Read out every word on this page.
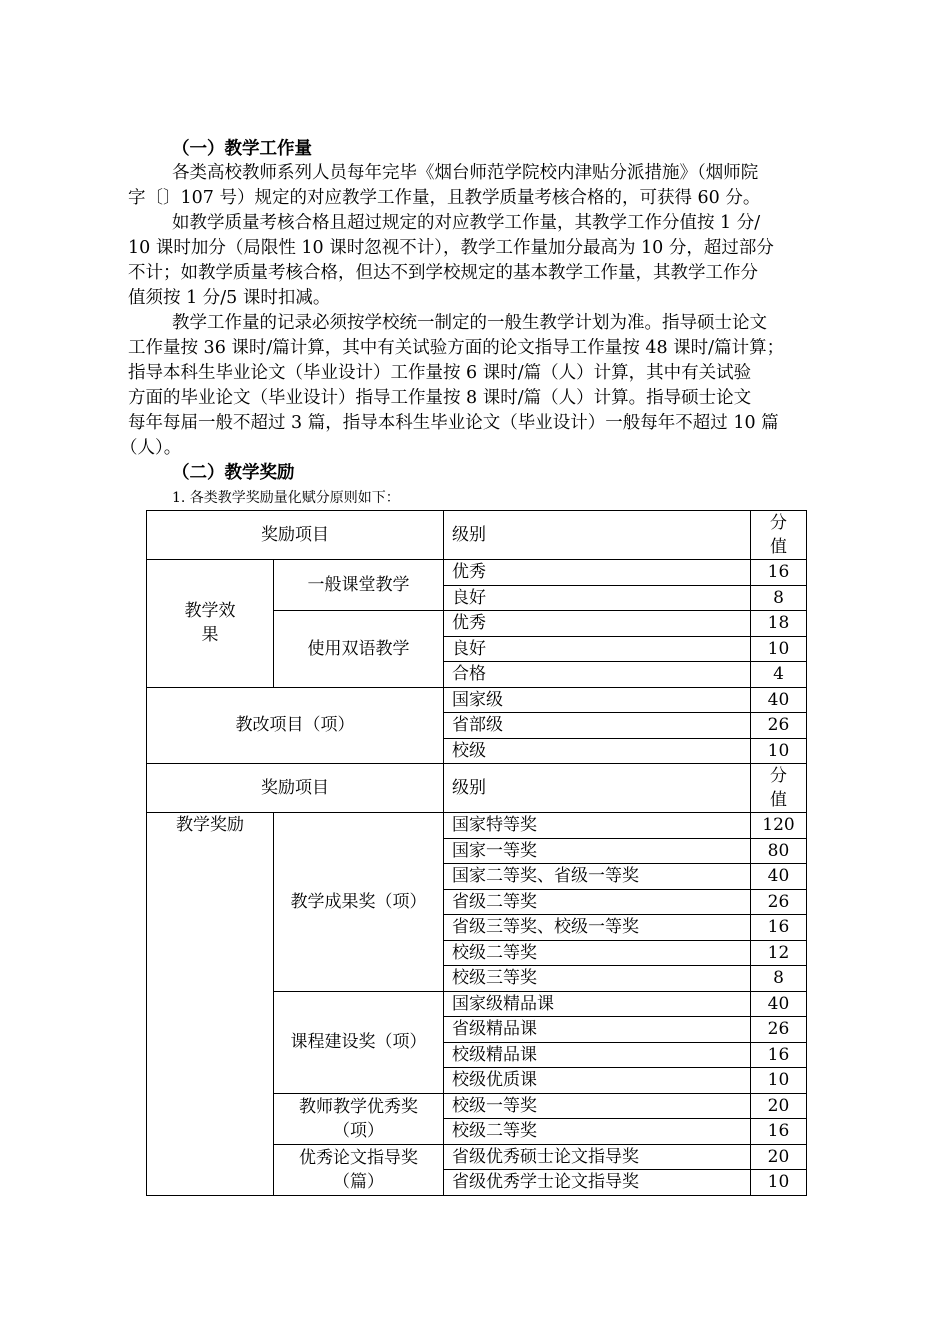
（一）教学工作量
各类高校教师系列人员每年完毕《烟台师范学院校内津贴分派措施》（烟师院
字〔〕107 号）规定的对应教学工作量，且教学质量考核合格的，可获得 60 分。
如教学质量考核合格且超过规定的对应教学工作量，其教学工作分值按 1 分/
10 课时加分（局限性 10 课时忽视不计），教学工作量加分最高为 10 分，超过部分
不计；如教学质量考核合格，但达不到学校规定的基本教学工作量，其教学工作分
值须按 1 分/5 课时扣减。
教学工作量的记录必须按学校统一制定的一般生教学计划为准。指导硕士论文
工作量按 36 课时/篇计算，其中有关试验方面的论文指导工作量按 48 课时/篇计算；
指导本科生毕业论文（毕业设计）工作量按 6 课时/篇（人）计算，其中有关试验
方面的毕业论文（毕业设计）指导工作量按 8 课时/篇（人）计算。指导硕士论文
每年每届一般不超过 3 篇，指导本科生毕业论文（毕业设计）一般每年不超过 10 篇
（人）。
（二）教学奖励
1. 各类教学奖励量化赋分原则如下：
奖励项目		级别	分值
教学效果	一般课堂教学	优秀	16
		良好	8
	使用双语教学	优秀	18
		良好	10
		合格	4
教改项目（项）		国家级	40
		省部级	26
		校级	10
奖励项目		级别	分值
教学奖励	教学成果奖（项）	国家特等奖	120
		国家一等奖	80
		国家二等奖、省级一等奖	40
		省级二等奖	26
		省级三等奖、校级一等奖	16
		校级二等奖	12
		校级三等奖	8
	课程建设奖（项）	国家级精品课	40
		省级精品课	26
		校级精品课	16
		校级优质课	10
	教师教学优秀奖（项）	校级一等奖	20
		校级二等奖	16
	优秀论文指导奖（篇）	省级优秀硕士论文指导奖	20
		省级优秀学士论文指导奖	10
